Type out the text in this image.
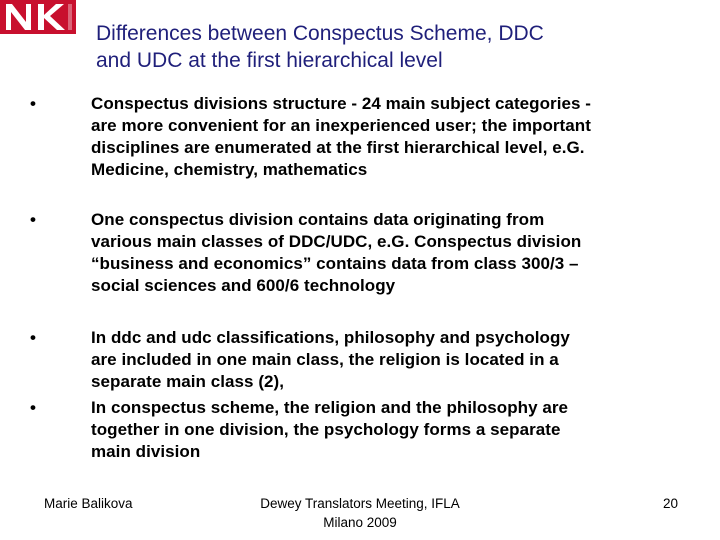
Differences between Conspectus Scheme, DDC
and UDC at the first hierarchical level
•	Conspectus divisions structure - 24 main subject categories -
are more convenient for an inexperienced user; the important
disciplines are enumerated at the first hierarchical level, e.G.
Medicine, chemistry, mathematics
•	One conspectus division contains data originating from
various main classes of DDC/UDC, e.G. Conspectus division
“business and economics” contains data from class 300/3 –
social sciences and 600/6 technology
•	In ddc and udc classifications, philosophy and psychology
are included in one main class, the religion is located in a
separate main class (2),
•	In conspectus scheme, the religion and the philosophy are
together in one division, the psychology forms a separate
main division
Marie Balikova	Dewey Translators Meeting, IFLA
Milano 2009
20
